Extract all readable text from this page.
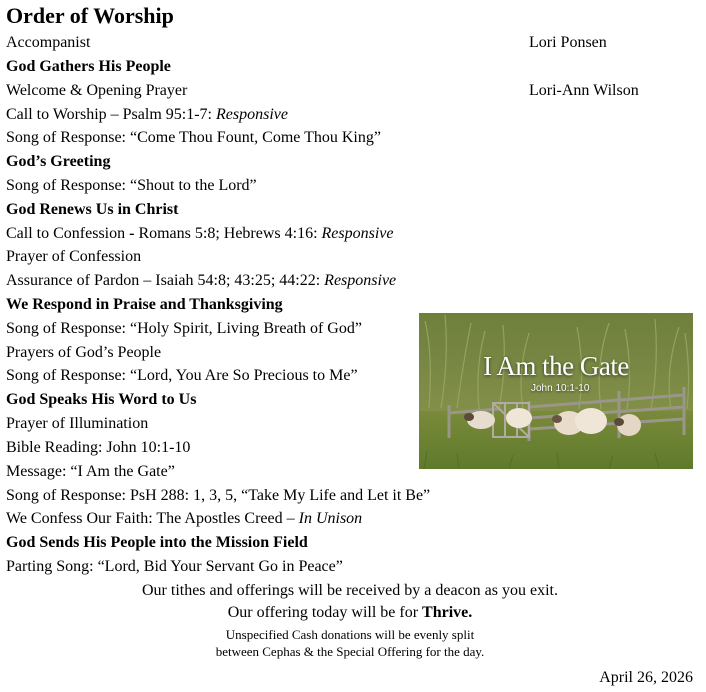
Order of Worship
Accompanist	Lori Ponsen
God Gathers His People
Welcome & Opening Prayer	Lori-Ann Wilson
Call to Worship – Psalm 95:1-7: Responsive
Song of Response: “Come Thou Fount, Come Thou King”
God’s Greeting
Song of Response: “Shout to the Lord”
God Renews Us in Christ
Call to Confession - Romans 5:8; Hebrews 4:16: Responsive
Prayer of Confession
Assurance of Pardon – Isaiah 54:8; 43:25; 44:22: Responsive
We Respond in Praise and Thanksgiving
Song of Response: “Holy Spirit, Living Breath of God”
Prayers of God’s People
Song of Response: “Lord, You Are So Precious to Me”
God Speaks His Word to Us
Prayer of Illumination
Bible Reading: John 10:1-10
Message: “I Am the Gate”
Song of Response: PsH 288: 1, 3, 5, “Take My Life and Let it Be”
We Confess Our Faith: The Apostles Creed – In Unison
God Sends His People into the Mission Field
Parting Song: “Lord, Bid Your Servant Go in Peace”
Our tithes and offerings will be received by a deacon as you exit.
Our offering today will be for Thrive.
Unspecified Cash donations will be evenly split
between Cephas & the Special Offering for the day.
April 26, 2026
I Am the Gate
John 10:1-10
